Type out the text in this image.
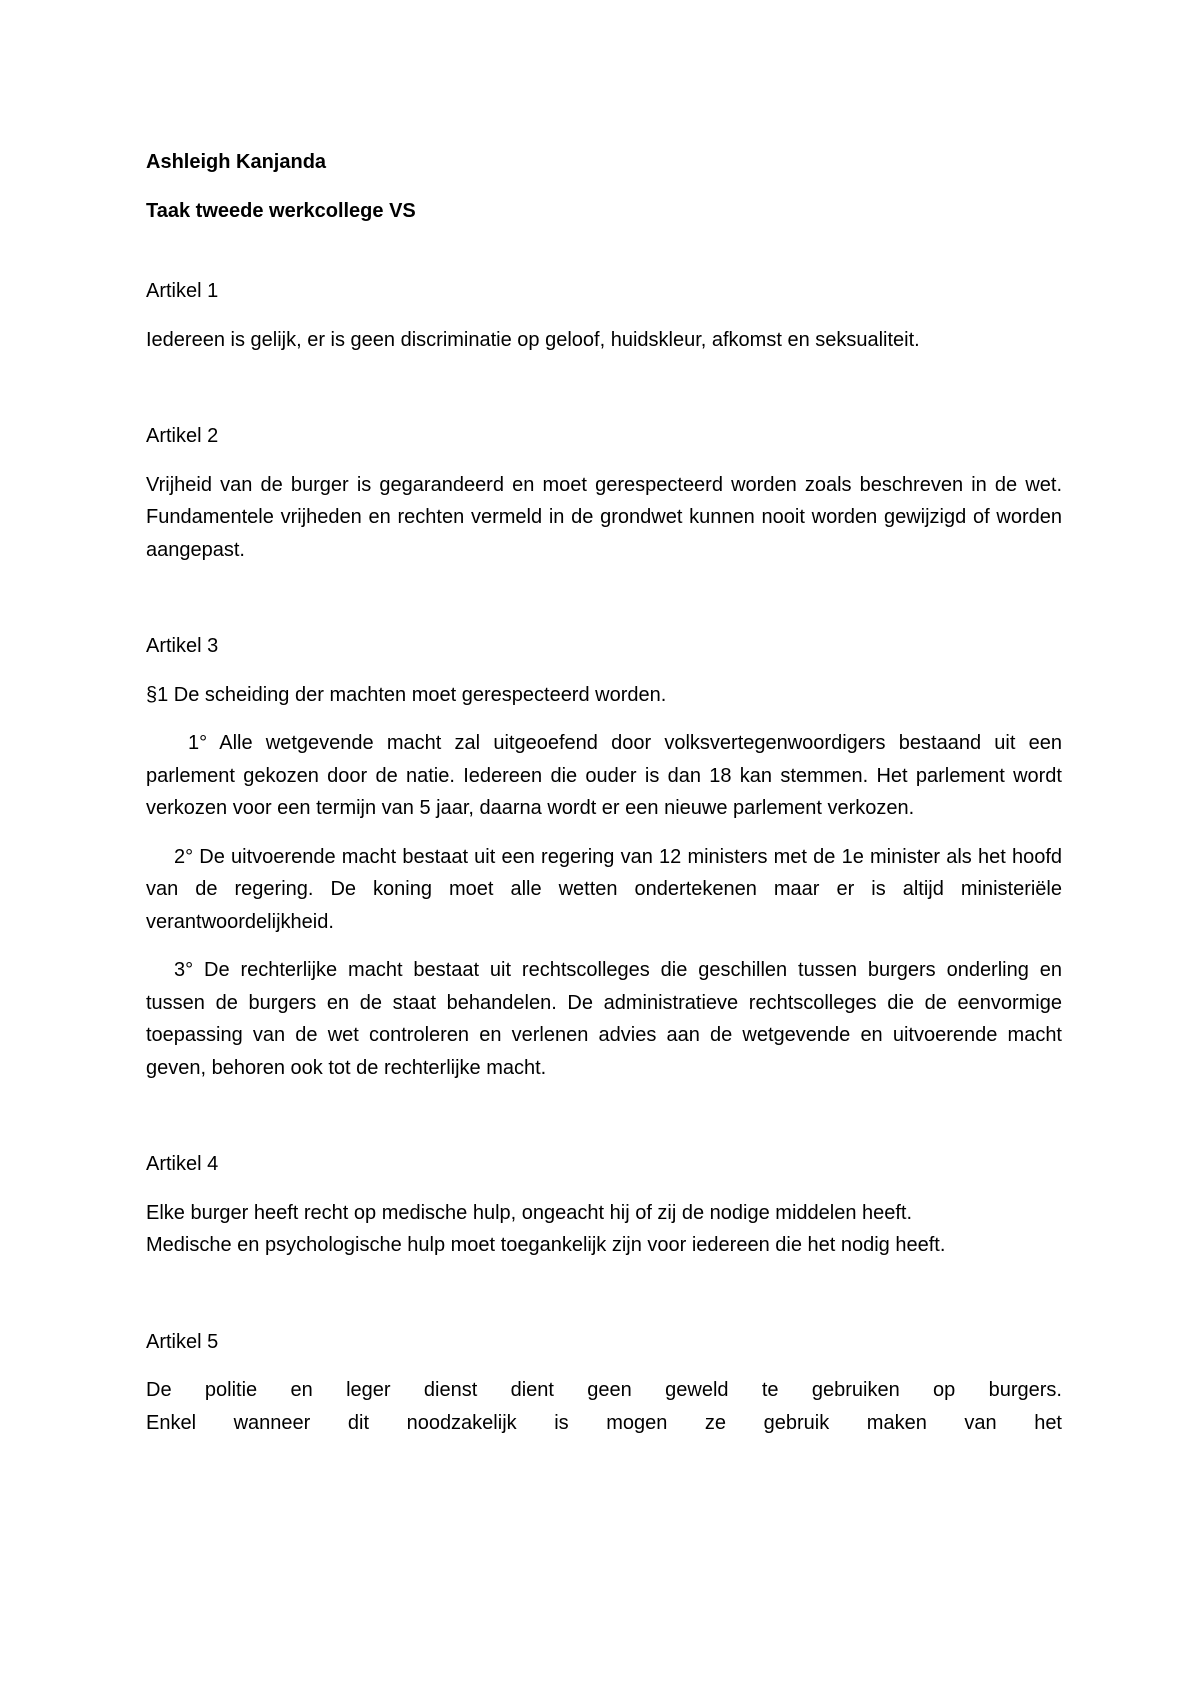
Ashleigh Kanjanda

Taak tweede werkcollege VS

Artikel 1

Iedereen is gelijk, er is geen discriminatie op geloof, huidskleur, afkomst en seksualiteit.

Artikel 2

Vrijheid van de burger is gegarandeerd en moet gerespecteerd worden zoals beschreven in de wet. Fundamentele vrijheden en rechten vermeld in de grondwet kunnen nooit worden gewijzigd of worden aangepast.

Artikel 3

§1 De scheiding der machten moet gerespecteerd worden.

1° Alle wetgevende macht zal uitgeoefend door volksvertegenwoordigers bestaand uit een parlement gekozen door de natie. Iedereen die ouder is dan 18 kan stemmen. Het parlement wordt verkozen voor een termijn van 5 jaar, daarna wordt er een nieuwe parlement verkozen.

2° De uitvoerende macht bestaat uit een regering van 12 ministers met de 1e minister als het hoofd van de regering. De koning moet alle wetten ondertekenen maar er is altijd ministeriële verantwoordelijkheid.

3° De rechterlijke macht bestaat uit rechtscolleges die geschillen tussen burgers onderling en tussen de burgers en de staat behandelen. De administratieve rechtscolleges die de eenvormige toepassing van de wet controleren en verlenen advies aan de wetgevende en uitvoerende macht geven, behoren ook tot de rechterlijke macht.

Artikel 4

Elke burger heeft recht op medische hulp, ongeacht hij of zij de nodige middelen heeft.

Medische en psychologische hulp moet toegankelijk zijn voor iedereen die het nodig heeft.

Artikel 5

De politie en leger dienst dient geen geweld te gebruiken op burgers.

Enkel wanneer dit noodzakelijk is mogen ze gebruik maken van het
